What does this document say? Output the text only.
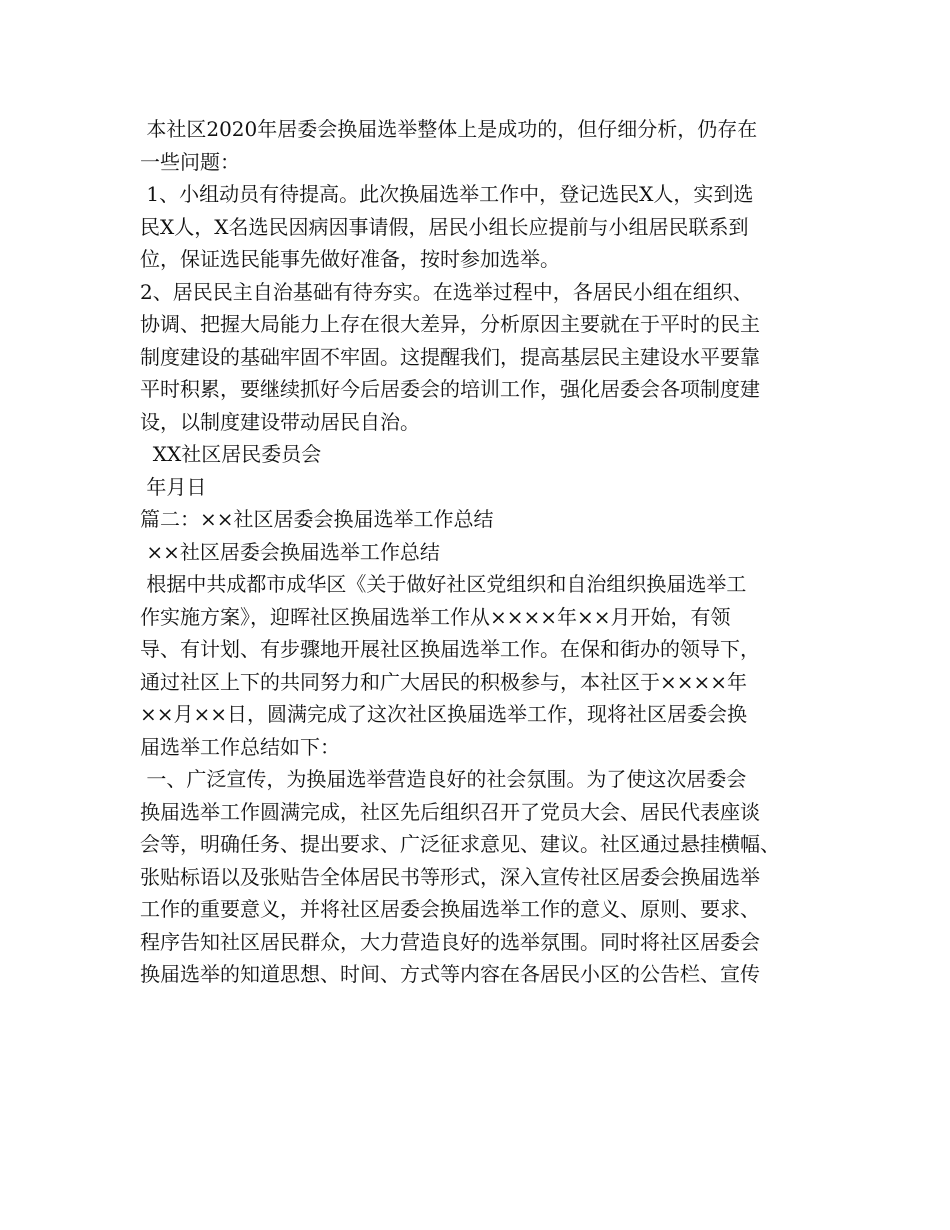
本社区2020年居委会换届选举整体上是成功的，但仔细分析，仍存在
一些问题：
1、小组动员有待提高。此次换届选举工作中，登记选民X人，实到选
民X人，X名选民因病因事请假，居民小组长应提前与小组居民联系到
位，保证选民能事先做好准备，按时参加选举。
2、居民民主自治基础有待夯实。在选举过程中，各居民小组在组织、
协调、把握大局能力上存在很大差异，分析原因主要就在于平时的民主
制度建设的基础牢固不牢固。这提醒我们，提高基层民主建设水平要靠
平时积累，要继续抓好今后居委会的培训工作，强化居委会各项制度建
设，以制度建设带动居民自治。
XX社区居民委员会
年月日
篇二：××社区居委会换届选举工作总结
××社区居委会换届选举工作总结
根据中共成都市成华区《关于做好社区党组织和自治组织换届选举工
作实施方案》，迎晖社区换届选举工作从××××年××月开始，有领
导、有计划、有步骤地开展社区换届选举工作。在保和街办的领导下，
通过社区上下的共同努力和广大居民的积极参与，本社区于××××年
××月××日，圆满完成了这次社区换届选举工作，现将社区居委会换
届选举工作总结如下：
一、广泛宣传，为换届选举营造良好的社会氛围。为了使这次居委会
换届选举工作圆满完成，社区先后组织召开了党员大会、居民代表座谈
会等，明确任务、提出要求、广泛征求意见、建议。社区通过悬挂横幅、
张贴标语以及张贴告全体居民书等形式，深入宣传社区居委会换届选举
工作的重要意义，并将社区居委会换届选举工作的意义、原则、要求、
程序告知社区居民群众，大力营造良好的选举氛围。同时将社区居委会
换届选举的知道思想、时间、方式等内容在各居民小区的公告栏、宣传
